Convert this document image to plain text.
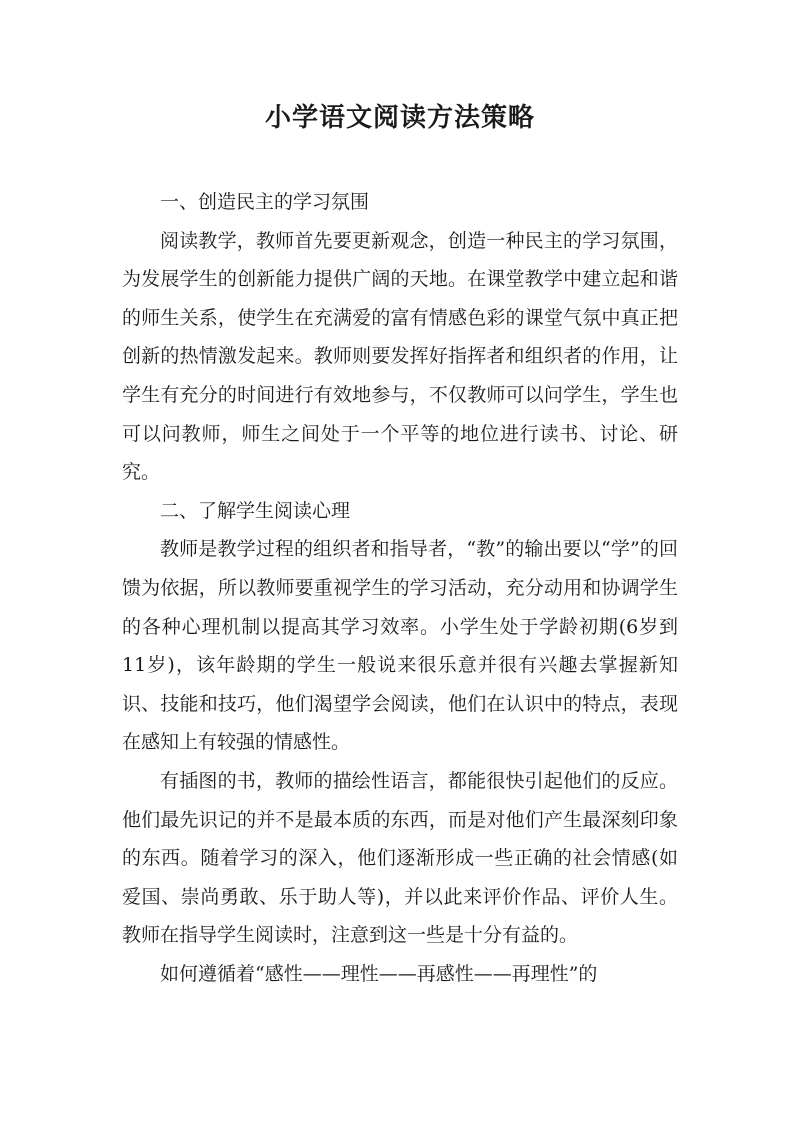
小学语文阅读方法策略

一、创造民主的学习氛围

阅读教学，教师首先要更新观念，创造一种民主的学习氛围，为发展学生的创新能力提供广阔的天地。在课堂教学中建立起和谐的师生关系，使学生在充满爱的富有情感色彩的课堂气氛中真正把创新的热情激发起来。教师则要发挥好指挥者和组织者的作用，让学生有充分的时间进行有效地参与，不仅教师可以问学生，学生也可以问教师，师生之间处于一个平等的地位进行读书、讨论、研究。

二、了解学生阅读心理

教师是教学过程的组织者和指导者，“教”的输出要以“学”的回馈为依据，所以教师要重视学生的学习活动，充分动用和协调学生的各种心理机制以提高其学习效率。小学生处于学龄初期(6岁到11岁)，该年龄期的学生一般说来很乐意并很有兴趣去掌握新知识、技能和技巧，他们渴望学会阅读，他们在认识中的特点，表现在感知上有较强的情感性。

有插图的书，教师的描绘性语言，都能很快引起他们的反应。他们最先识记的并不是最本质的东西，而是对他们产生最深刻印象的东西。随着学习的深入，他们逐渐形成一些正确的社会情感(如爱国、崇尚勇敢、乐于助人等)，并以此来评价作品、评价人生。教师在指导学生阅读时，注意到这一些是十分有益的。

如何遵循着“感性——理性——再感性——再理性”的
